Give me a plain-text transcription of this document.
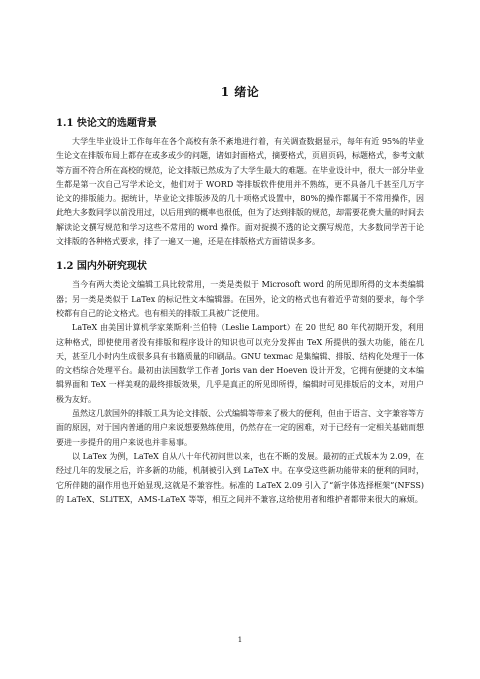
1 绪论
1.1 快论文的选题背景

大学生毕业设计工作每年在各个高校有条不紊地进行着，有关调查数据显示，每年有近 95%的毕业生论文在排版布局上都存在或多或少的问题，诸如封面格式，摘要格式，页眉页码，标题格式，参考文献等方面不符合所在高校的规范，论文排版已然成为了大学生最大的难题。在毕业设计中，很大一部分毕业生都是第一次自己写学术论文，他们对于 WORD 等排版软件使用并不熟练，更不具备几千甚至几万字论文的排版能力。据统计，毕业论文排版涉及的几十项格式设置中，80%的操作都属于不常用操作，因此绝大多数同学以前没用过，以后用到的概率也很低，但为了达到排版的规范，却需要花费大量的时间去解读论文撰写规范和学习这些不常用的 word 操作。面对捉摸不透的论文撰写规范，大多数同学苦于论文排版的各种格式要求，排了一遍又一遍，还是在排版格式方面错误多多。

1.2 国内外研究现状

当今有两大类论文编辑工具比较常用，一类是类似于 Microsoft word 的所见即所得的文本类编辑器；另一类是类似于 LaTex 的标记性文本编辑器。在国外，论文的格式也有着近乎苛刻的要求，每个学校都有自己的论文格式。也有相关的排版工具被广泛使用。

LaTeX 由美国计算机学家莱斯利·兰伯特（Leslie Lamport）在 20 世纪 80 年代初期开发，利用这种格式，即使使用者没有排版和程序设计的知识也可以充分发挥由 TeX 所提供的强大功能，能在几天，甚至几小时内生成很多具有书籍质量的印刷品。GNU texmac 是集编辑、排版、结构化处理于一体的文档综合处理平台。最初由法国数学工作者 Joris van der Hoeven 设计开发，它拥有便捷的文本编辑界面和 TeX 一样美观的最终排版效果，几乎是真正的所见即所得，编辑时可见排版后的文本，对用户极为友好。

虽然这几款国外的排版工具为论文排版、公式编辑等带来了极大的便利，但由于语言、文字兼容等方面的原因，对于国内普通的用户来说想要熟练使用，仍然存在一定的困难，对于已经有一定相关基础而想要进一步提升的用户来说也并非易事。

以 LaTex 为例，LaTeX 自从八十年代初问世以来，也在不断的发展。最初的正式版本为 2.09，在经过几年的发展之后，许多新的功能，机制被引入到 LaTeX 中。在享受这些新功能带来的便利的同时，它所伴随的副作用也开始显现,这就是不兼容性。标准的 LaTeX 2.09 引入了“新字体选择框架”(NFSS)的 LaTeX、SLiTEX，AMS-LaTeX 等等，相互之间并不兼容,这给使用者和维护者都带来很大的麻烦。

1
